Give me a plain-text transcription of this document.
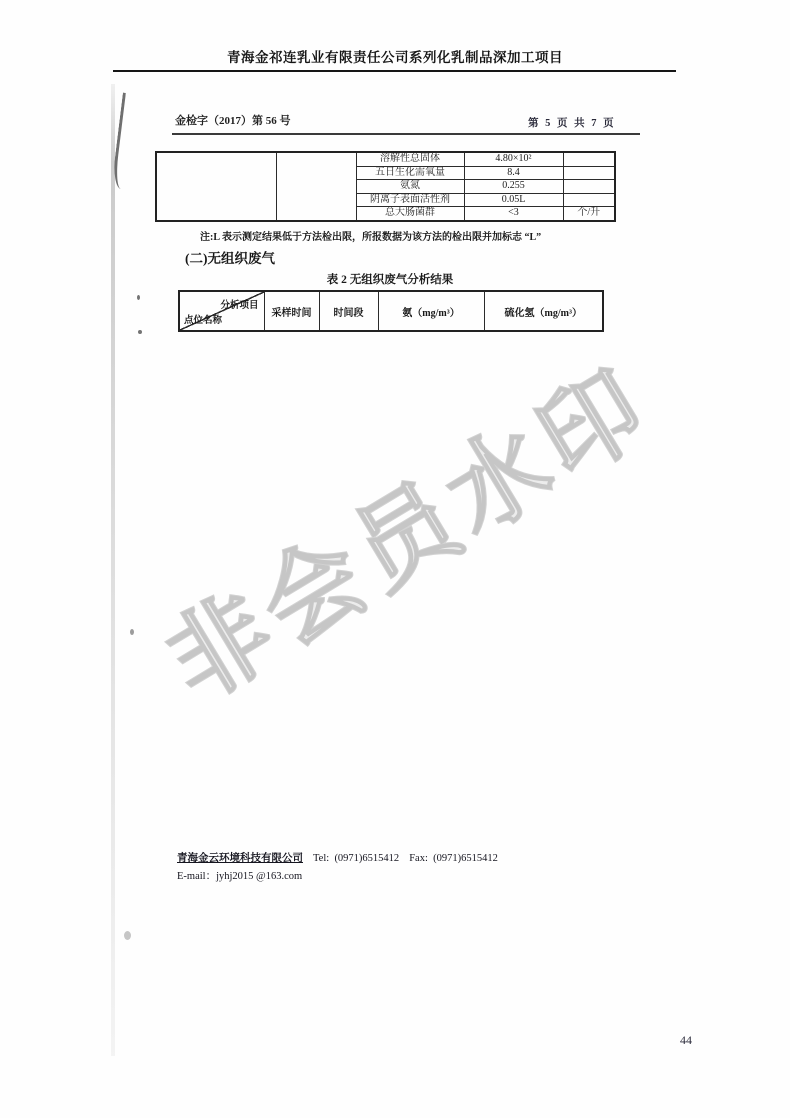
非会员水印
青海金祁连乳业有限责任公司系列化乳制品深加工项目
金检字（2017）第 56 号	第 5 页 共 7 页
		溶解性总固体	4.80×10²	
		五日生化需氧量	8.4	
		氨氮	0.255	
		阴离子表面活性剂	0.05L	
		总大肠菌群	<3	个/升
注:L 表示测定结果低于方法检出限，所报数据为该方法的检出限并加标志 “L”
(二)无组织废气
表 2 无组织废气分析结果
分析项目
点位名称
	采样时间	时间段	氨（mg/m³）	硫化氢（mg/m³）
青海金云环境科技有限公司 Tel: (0971)6515412 Fax: (0971)6515412
E-mail：jyhj2015 @163.com
44
